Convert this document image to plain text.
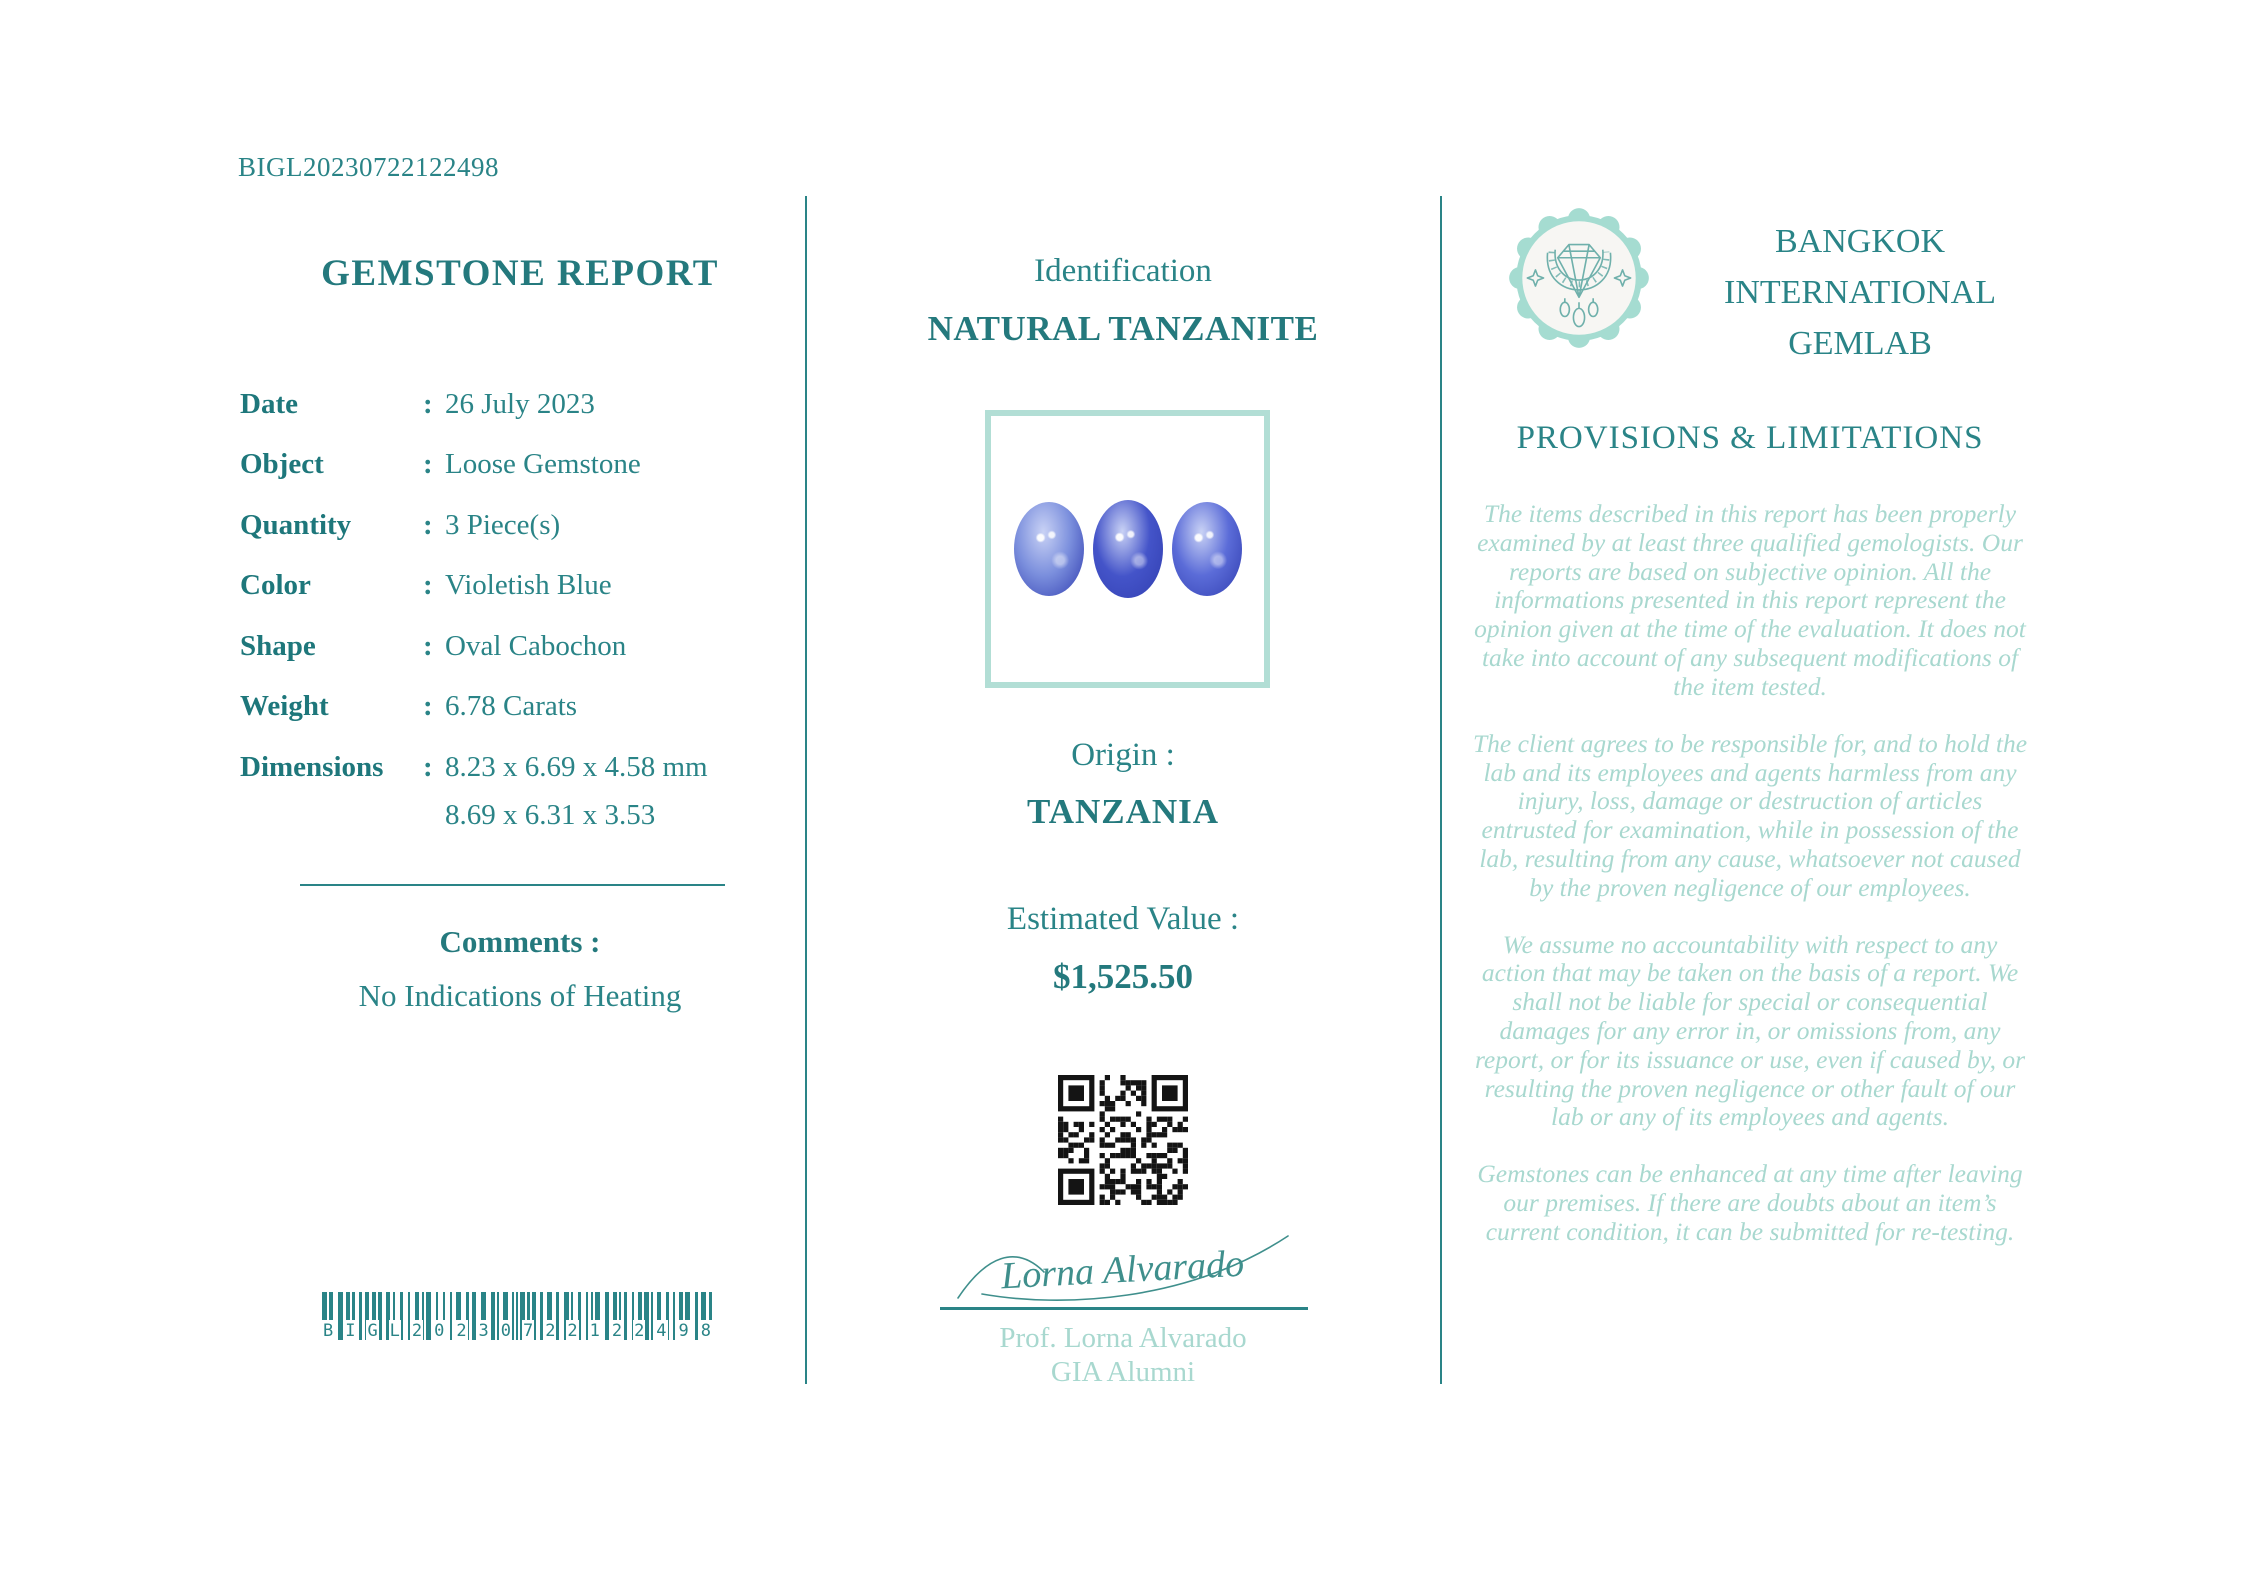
BIGL20230722122498
GEMSTONE REPORT
Date :	26 July 2023
Object :	Loose Gemstone
Quantity :	3 Piece(s)
Color :	Violetish Blue
Shape :	Oval Cabochon
Weight :	6.78 Carats
Dimensions :	8.23 x 6.69 x 4.58 mm
8.69 x 6.31 x 3.53
Comments :
No Indications of Heating
B I G L 2 0 2 3 0 7 2 2 1 2 2 4 9 8
Identification
NATURAL TANZANITE
Origin :
TANZANIA
Estimated Value :
$1,525.50
Lorna Alvarado
Prof. Lorna Alvarado
GIA Alumni
BANGKOK INTERNATIONAL GEMLAB
PROVISIONS & LIMITATIONS

The items described in this report has been properly examined by at least three qualified gemologists. Our reports are based on subjective opinion. All the informations presented in this report represent the opinion given at the time of the evaluation. It does not take into account of any subsequent modifications of the item tested.

The client agrees to be responsible for, and to hold the lab and its employees and agents harmless from any injury, loss, damage or destruction of articles entrusted for examination, while in possession of the lab, resulting from any cause, whatsoever not caused by the proven negligence of our employees.

We assume no accountability with respect to any action that may be taken on the basis of a report. We shall not be liable for special or consequential damages for any error in, or omissions from, any report, or for its issuance or use, even if caused by, or resulting the proven negligence or other fault of our lab or any of its employees and agents.

Gemstones can be enhanced at any time after leaving our premises. If there are doubts about an item’s current condition, it can be submitted for re-testing.
